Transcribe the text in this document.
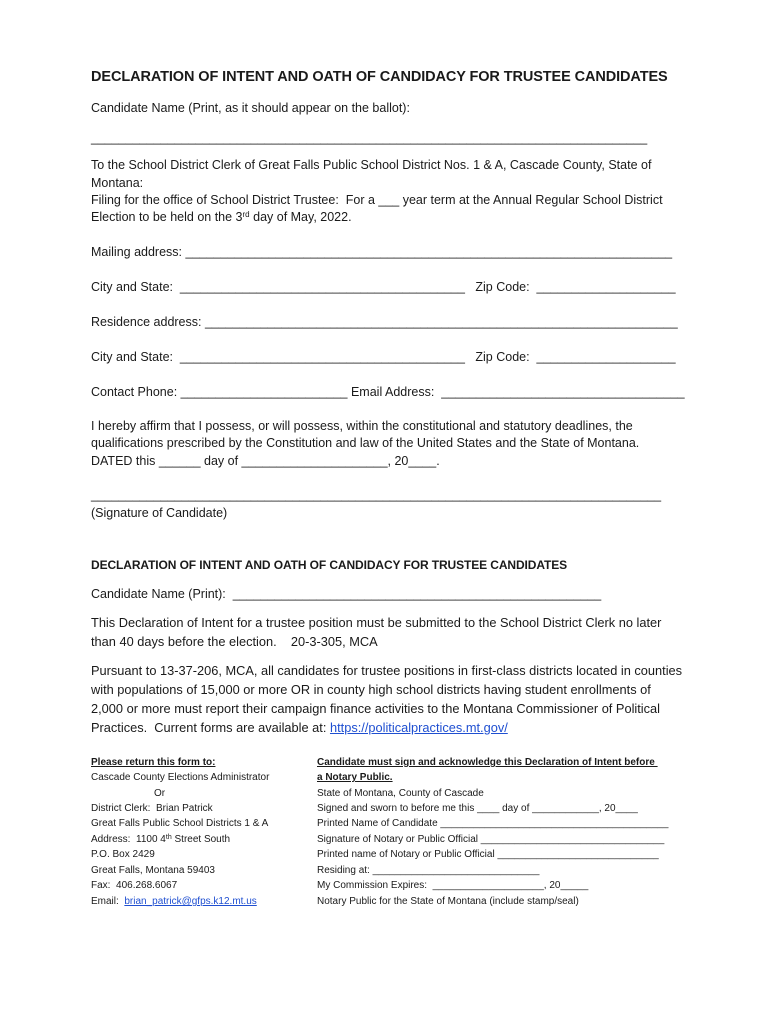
DECLARATION OF INTENT AND OATH OF CANDIDACY FOR TRUSTEE CANDIDATES
Candidate Name (Print, as it should appear on the ballot):
________________________________________________________________________________
To the School District Clerk of Great Falls Public School District Nos. 1 & A, Cascade County, State of
Montana:
Filing for the office of School District Trustee:  For a ___ year term at the Annual Regular School District
Election to be held on the 3rd day of May, 2022.
Mailing address: ______________________________________________________________________
City and State:  _________________________________________   Zip Code:  ____________________
Residence address: ____________________________________________________________________
City and State:  _________________________________________   Zip Code:  ____________________
Contact Phone: ________________________ Email Address:  ___________________________________
I hereby affirm that I possess, or will possess, within the constitutional and statutory deadlines, the
qualifications prescribed by the Constitution and law of the United States and the State of Montana.
DATED this ______ day of _____________________, 20____.
__________________________________________________________________________________
(Signature of Candidate)
DECLARATION OF INTENT AND OATH OF CANDIDACY FOR TRUSTEE CANDIDATES
Candidate Name (Print):  _____________________________________________________
This Declaration of Intent for a trustee position must be submitted to the School District Clerk no later
than 40 days before the election.    20-3-305, MCA
Pursuant to 13-37-206, MCA, all candidates for trustee positions in first-class districts located in counties
with populations of 15,000 or more OR in county high school districts having student enrollments of
2,000 or more must report their campaign finance activities to the Montana Commissioner of Political
Practices.  Current forms are available at: https://politicalpractices.mt.gov/
Please return this form to:
Cascade County Elections Administrator
Or
District Clerk:  Brian Patrick
Great Falls Public School Districts 1 & A
Address:  1100 4th Street South
P.O. Box 2429
Great Falls, Montana 59403
Fax:  406.268.6067
Email:  brian_patrick@gfps.k12.mt.us
Candidate must sign and acknowledge this Declaration of Intent before
a Notary Public.
State of Montana, County of Cascade
Signed and sworn to before me this ____ day of ____________, 20____
Printed Name of Candidate _________________________________________
Signature of Notary or Public Official _________________________________
Printed name of Notary or Public Official _____________________________
Residing at: ______________________________
My Commission Expires:  ____________________, 20_____
Notary Public for the State of Montana (include stamp/seal)
